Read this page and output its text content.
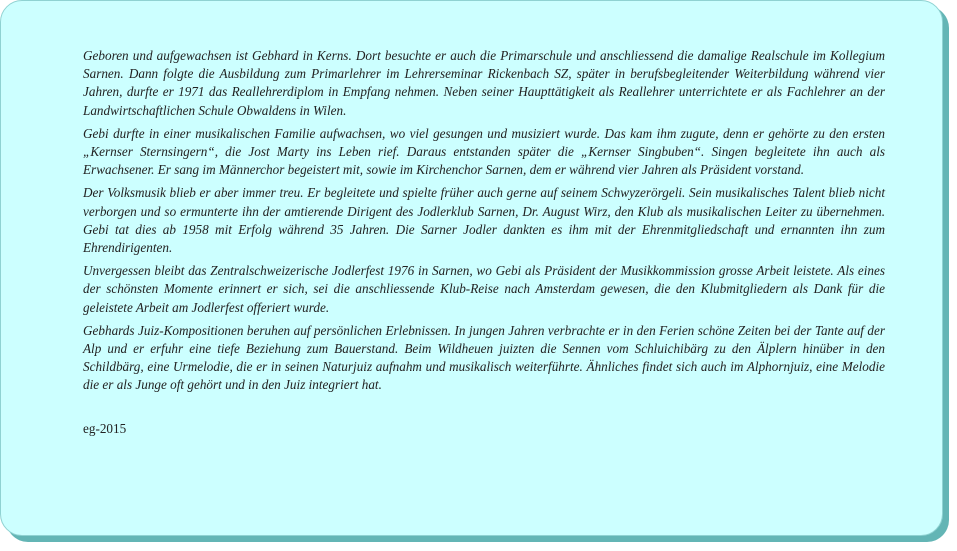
Geboren und aufgewachsen ist Gebhard in Kerns. Dort besuchte er auch die Primarschule und anschliessend die damalige Realschule im Kollegium Sarnen. Dann folgte die Ausbildung zum Primarlehrer im Lehrerseminar Rickenbach SZ, später in berufsbegleitender Weiterbildung während vier Jahren, durfte er 1971 das Reallehrerdiplom in Empfang nehmen. Neben seiner Haupttätigkeit als Reallehrer unterrichtete er als Fachlehrer an der Landwirtschaftlichen Schule Obwaldens in Wilen.

Gebi durfte in einer musikalischen Familie aufwachsen, wo viel gesungen und musiziert wurde. Das kam ihm zugute, denn er gehörte zu den ersten „Kernser Sternsingern“, die Jost Marty ins Leben rief. Daraus entstanden später die „Kernser Singbuben“. Singen begleitete ihn auch als Erwachsener. Er sang im Männerchor begeistert mit, sowie im Kirchenchor Sarnen, dem er während vier Jahren als Präsident vorstand.

Der Volksmusik blieb er aber immer treu. Er begleitete und spielte früher auch gerne auf seinem Schwyzerörgeli. Sein musikalisches Talent blieb nicht verborgen und so ermunterte ihn der amtierende Dirigent des Jodlerklub Sarnen, Dr. August Wirz, den Klub als musikalischen Leiter zu übernehmen. Gebi tat dies ab 1958 mit Erfolg während 35 Jahren. Die Sarner Jodler dankten es ihm mit der Ehrenmitgliedschaft und ernannten ihn zum Ehrendirigenten.

Unvergessen bleibt das Zentralschweizerische Jodlerfest 1976 in Sarnen, wo Gebi als Präsident der Musikkommission grosse Arbeit leistete. Als eines der schönsten Momente erinnert er sich, sei die anschliessende Klub-Reise nach Amsterdam gewesen, die den Klubmitgliedern als Dank für die geleistete Arbeit am Jodlerfest offeriert wurde.

Gebhards Juiz-Kompositionen beruhen auf persönlichen Erlebnissen. In jungen Jahren verbrachte er in den Ferien schöne Zeiten bei der Tante auf der Alp und er erfuhr eine tiefe Beziehung zum Bauerstand. Beim Wildheuen juizten die Sennen vom Schluichibärg zu den Älplern hinüber in den Schildbärg, eine Urmelodie, die er in seinen Naturjuiz aufnahm und musikalisch weiterführte. Ähnliches findet sich auch im Alphornjuiz, eine Melodie die er als Junge oft gehört und in den Juiz integriert hat.

eg-2015
